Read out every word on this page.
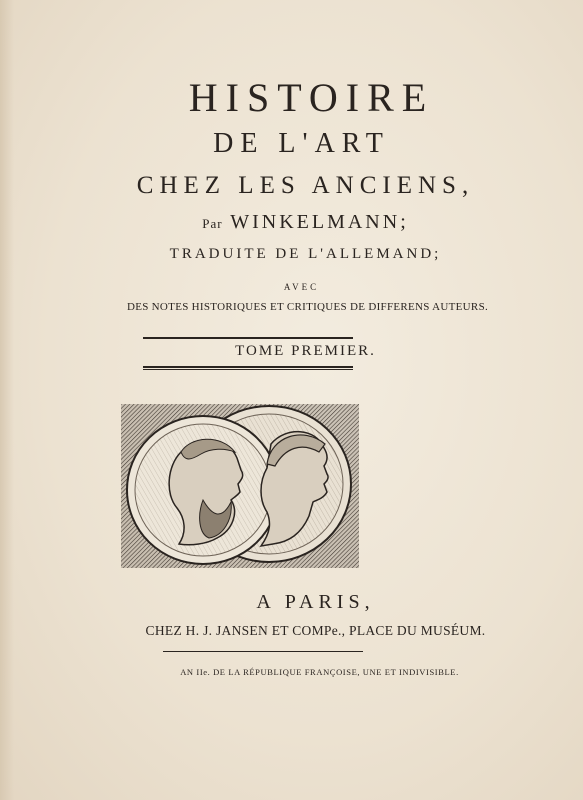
HISTOIRE
DE L'ART
CHEZ LES ANCIENS,
Par WINKELMANN;
TRADUITE DE L'ALLEMAND;
AVEC
DES NOTES HISTORIQUES ET CRITIQUES DE DIFFERENS AUTEURS.
TOME PREMIER.
A PARIS,
CHEZ H. J. JANSEN ET COMPe., PLACE DU MUSÉUM.
AN IIe. DE LA RÉPUBLIQUE FRANÇOISE, UNE ET INDIVISIBLE.
